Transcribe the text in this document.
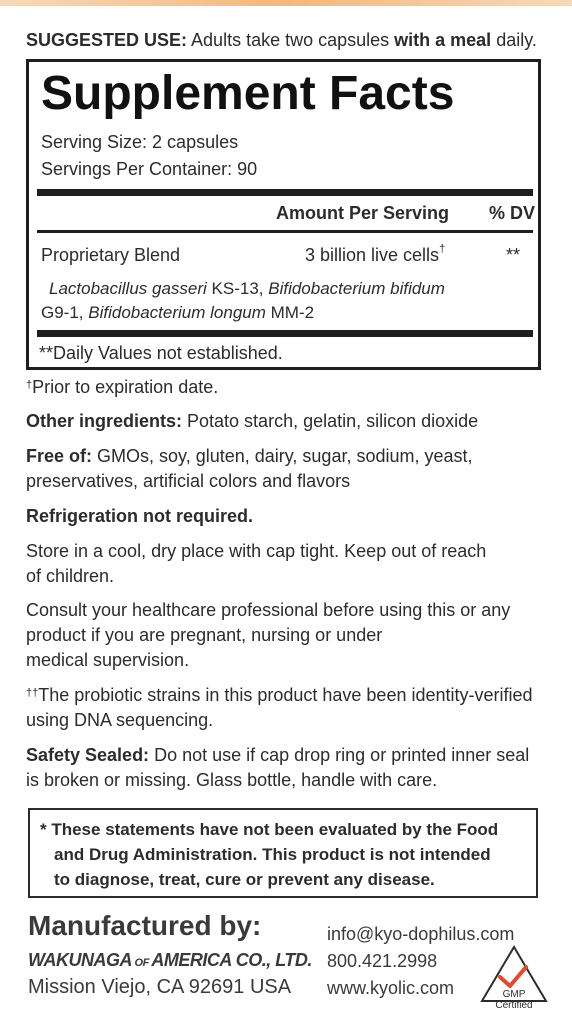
SUGGESTED USE: Adults take two capsules with a meal daily.
Supplement Facts
Serving Size: 2 capsules
Servings Per Container: 90
Amount Per Serving % DV
Proprietary Blend	3 billion live cells†	**
Lactobacillus gasseri KS-13, Bifidobacterium bifidum
G9-1, Bifidobacterium longum MM-2
**Daily Values not established.
†Prior to expiration date.
Other ingredients: Potato starch, gelatin, silicon dioxide
Free of: GMOs, soy, gluten, dairy, sugar, sodium, yeast,
preservatives, artificial colors and flavors
Refrigeration not required.
Store in a cool, dry place with cap tight. Keep out of reach
of children.
Consult your healthcare professional before using this or any
product if you are pregnant, nursing or under
medical supervision.
††The probiotic strains in this product have been identity-verified
using DNA sequencing.
Safety Sealed: Do not use if cap drop ring or printed inner seal
is broken or missing. Glass bottle, handle with care.
* These statements have not been evaluated by the Food
and Drug Administration. This product is not intended
to diagnose, treat, cure or prevent any disease.
Manufactured by:
WAKUNAGA OF AMERICA CO., LTD.
Mission Viejo, CA 92691 USA
info@kyo-dophilus.com
800.421.2998
www.kyolic.com	GMP
Certified
